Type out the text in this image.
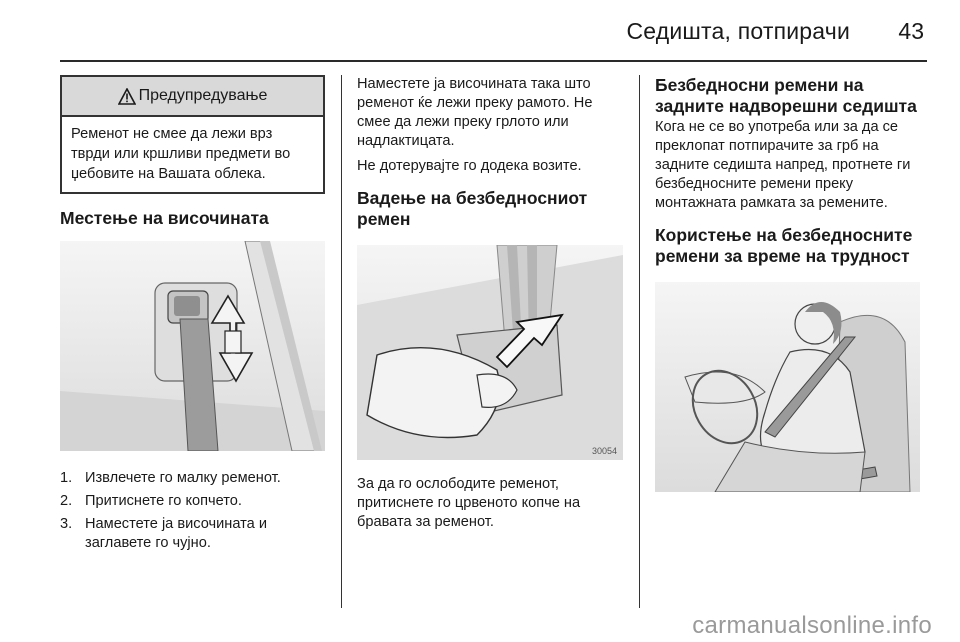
Седишта, потпирачи	43
Предупредување
Ременот не смее да лежи врз тврди или кршливи предмети во џебовите на Вашата облека.
Местење на височината
1. Извлечете го малку ременот.
2. Притиснете го копчето.
3. Наместете ја височината и заглавете го чујно.

Наместете ја височината така што ременот ќе лежи преку рамото. Не смее да лежи преку грлото или надлактицата.

Не дотерувајте го додека возите.

Вадење на безбедносниот ремен
30054

За да го ослободите ременот, притиснете го црвеното копче на бравата за ременот.

Безбедносни ремени на задните надворешни седишта

Кога не се во употреба или за да се преклопат потпирачите за грб на задните седишта напред, протнете ги безбедносните ремени преку монтажната рамката за ремените.

Користење на безбедносните ремени за време на трудност
carmanualsonline.info
